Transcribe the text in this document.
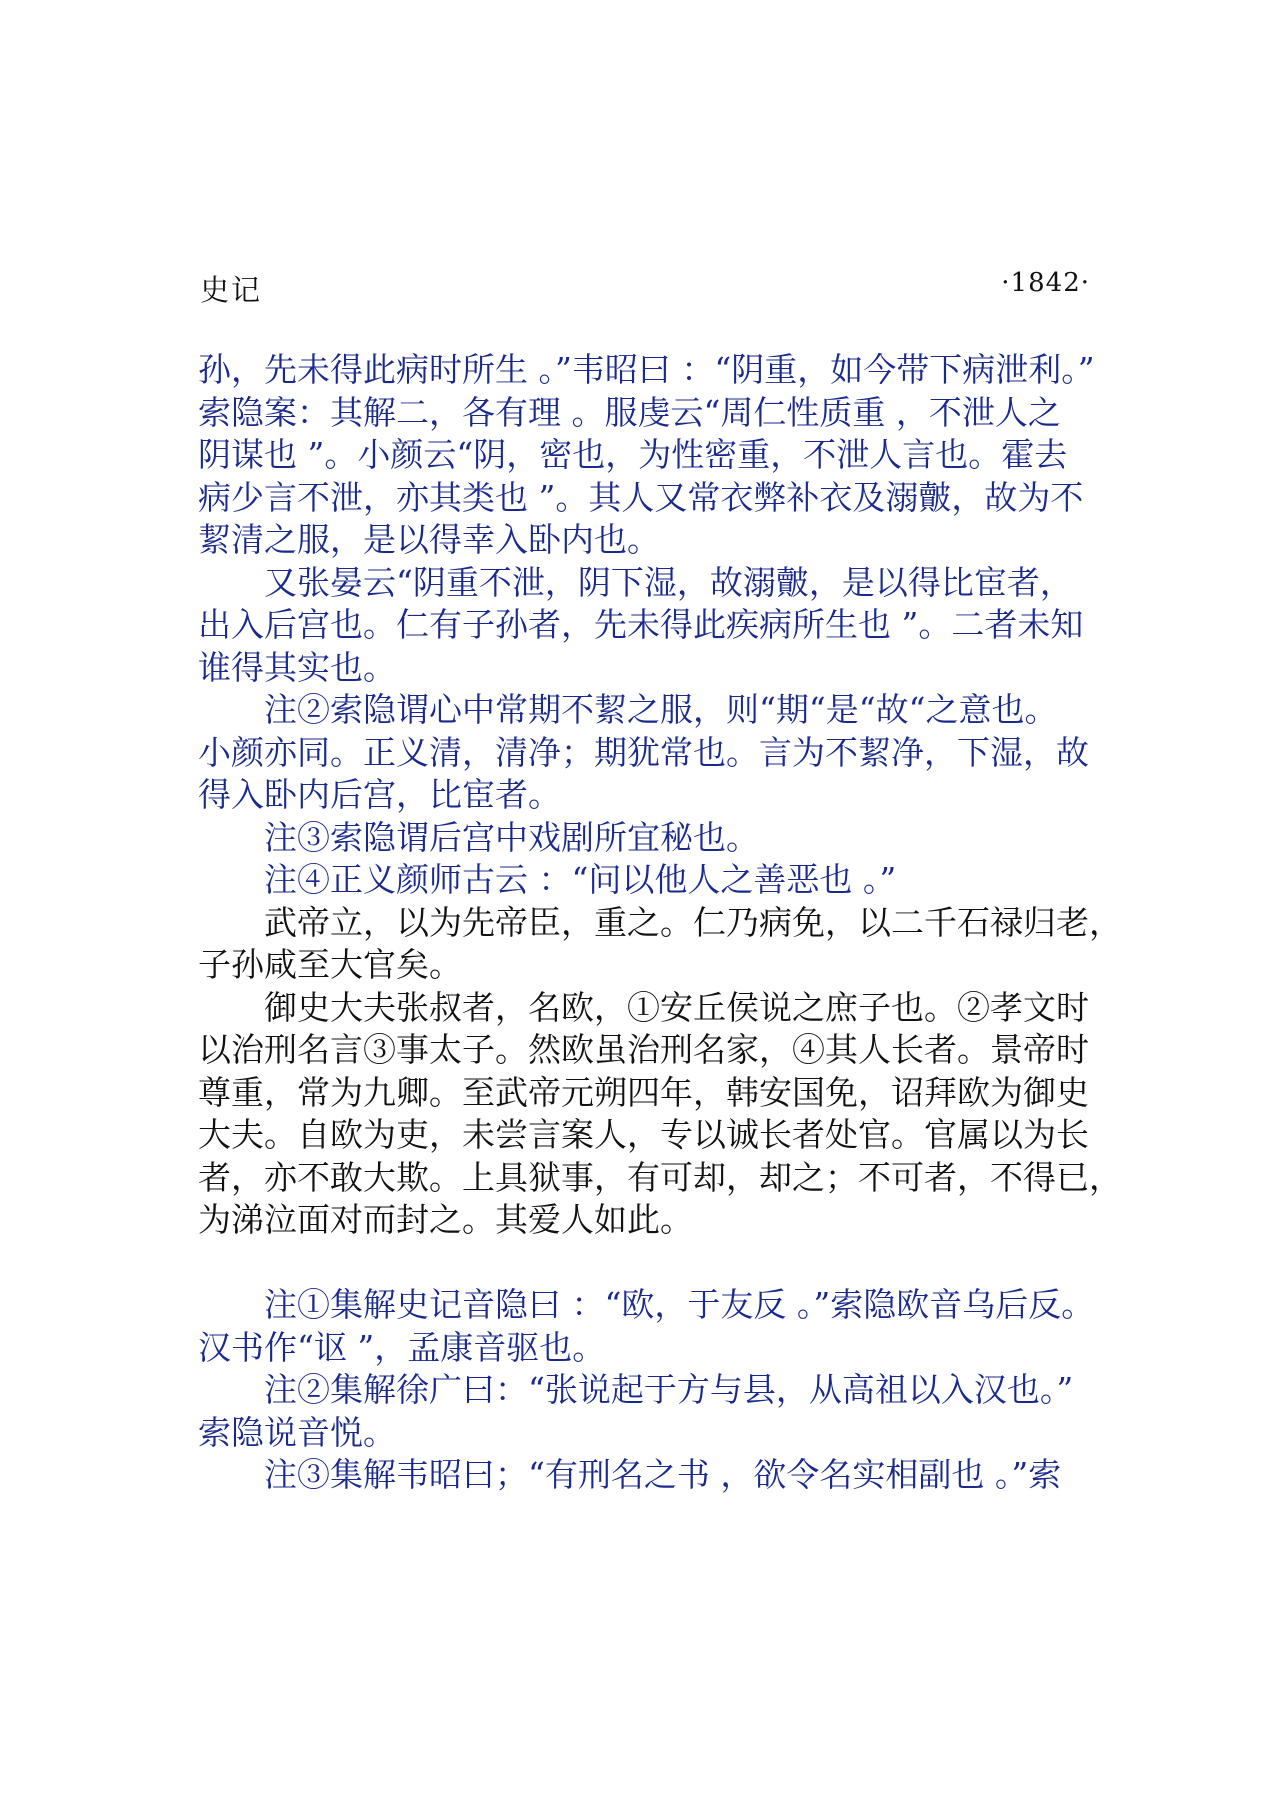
史记	·1842·
孙，先未得此病时所生 。”韦昭曰 ：“阴重，如今带下病泄利。”
索隐案：其解二，各有理 。服虔云“周仁性质重 ，不泄人之
阴谋也 ”。小颜云“阴，密也，为性密重，不泄人言也。霍去
病少言不泄，亦其类也 ”。其人又常衣弊补衣及溺皾，故为不
絜清之服，是以得幸入卧内也。
又张晏云“阴重不泄，阴下湿，故溺皾，是以得比宦者，
出入后宫也。仁有子孙者，先未得此疾病所生也 ”。二者未知
谁得其实也。
注②索隐谓心中常期不絜之服，则“期“是“故“之意也。
小颜亦同。正义清，清净；期犹常也。言为不絜净，下湿，故
得入卧内后宫，比宦者。
注③索隐谓后宫中戏剧所宜秘也。
注④正义颜师古云 ：“问以他人之善恶也 。”
武帝立，以为先帝臣，重之。仁乃病免，以二千石禄归老，
子孙咸至大官矣。
御史大夫张叔者，名欧，①安丘侯说之庶子也。②孝文时
以治刑名言③事太子。然欧虽治刑名家，④其人长者。景帝时
尊重，常为九卿。至武帝元朔四年，韩安国免，诏拜欧为御史
大夫。自欧为吏，未尝言案人，专以诚长者处官。官属以为长
者，亦不敢大欺。上具狱事，有可却，却之；不可者，不得已，
为涕泣面对而封之。其爱人如此。
注①集解史记音隐曰 ：“欧，于友反 。”索隐欧音乌后反。
汉书作“讴 ”，孟康音驱也。
注②集解徐广曰：“张说起于方与县，从高祖以入汉也。”
索隐说音悦。
注③集解韦昭曰；“有刑名之书 ，欲令名实相副也 。”索
